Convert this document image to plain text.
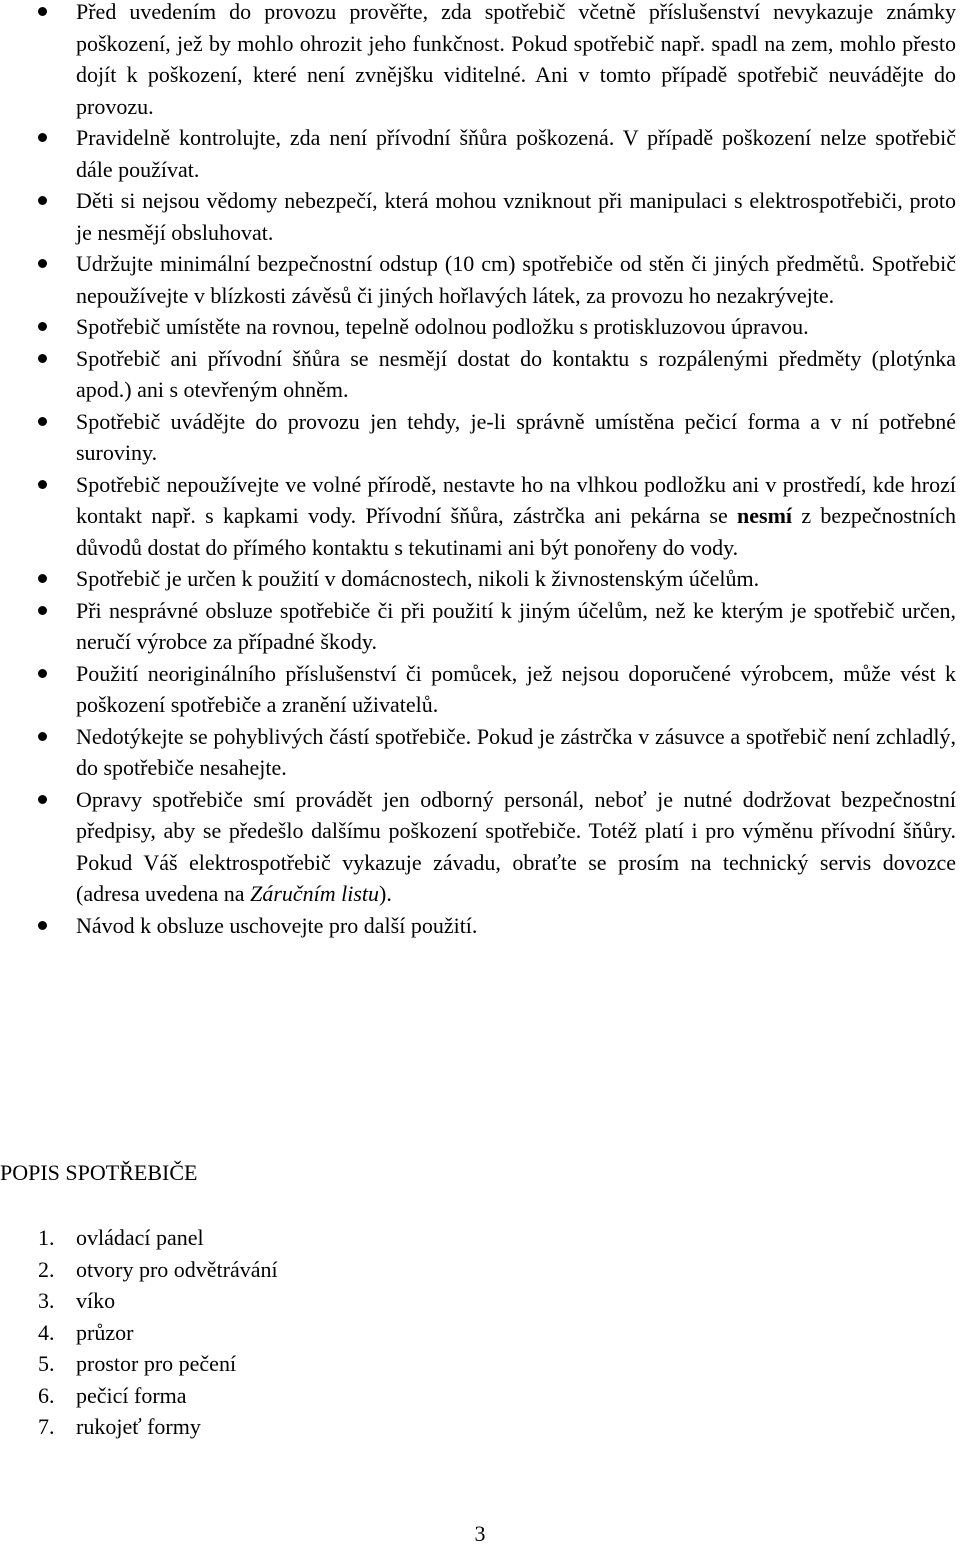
Před uvedením do provozu prověřte, zda spotřebič včetně příslušenství nevykazuje známky poškození, jež by mohlo ohrozit jeho funkčnost. Pokud spotřebič např. spadl na zem, mohlo přesto dojít k poškození, které není zvnějšku viditelné. Ani v tomto případě spotřebič neuvádějte do provozu.
Pravidelně kontrolujte, zda není přívodní šňůra poškozená. V případě poškození nelze spotřebič dále používat.
Děti si nejsou vědomy nebezpečí, která mohou vzniknout při manipulaci s elektrospotřebiči, proto je nesmějí obsluhovat.
Udržujte minimální bezpečnostní odstup (10 cm) spotřebiče od stěn či jiných předmětů. Spotřebič nepoužívejte v blízkosti závěsů či jiných hořlavých látek, za provozu ho nezakrývejte.
Spotřebič umístěte na rovnou, tepelně odolnou podložku s protiskluzovou úpravou.
Spotřebič ani přívodní šňůra se nesmějí dostat do kontaktu s rozpálenými předměty (plotýnka apod.) ani s otevřeným ohněm.
Spotřebič uvádějte do provozu jen tehdy, je-li správně umístěna pečicí forma a v ní potřebné suroviny.
Spotřebič nepoužívejte ve volné přírodě, nestavte ho na vlhkou podložku ani v prostředí, kde hrozí kontakt např. s kapkami vody. Přívodní šňůra, zástrčka ani pekárna se nesmí z bezpečnostních důvodů dostat do přímého kontaktu s tekutinami ani být ponořeny do vody.
Spotřebič je určen k použití v domácnostech, nikoli k živnostenským účelům.
Při nesprávné obsluze spotřebiče či při použití k jiným účelům, než ke kterým je spotřebič určen, neručí výrobce za případné škody.
Použití neoriginálního příslušenství či pomůcek, jež nejsou doporučené výrobcem, může vést k poškození spotřebiče a zranění uživatelů.
Nedotýkejte se pohyblivých částí spotřebiče. Pokud je zástrčka v zásuvce a spotřebič není zchladlý, do spotřebiče nesahejte.
Opravy spotřebiče smí provádět jen odborný personál, neboť je nutné dodržovat bezpečnostní předpisy, aby se předešlo dalšímu poškození spotřebiče. Totéž platí i pro výměnu přívodní šňůry. Pokud Váš elektrospotřebič vykazuje závadu, obraťte se prosím na technický servis dovozce (adresa uvedena na Záručním listu).
Návod k obsluze uschovejte pro další použití.
POPIS SPOTŘEBIČE
1. ovládací panel
2. otvory pro odvětrávání
3. víko
4. průzor
5. prostor pro pečení
6. pečicí forma
7. rukojeť formy
3
